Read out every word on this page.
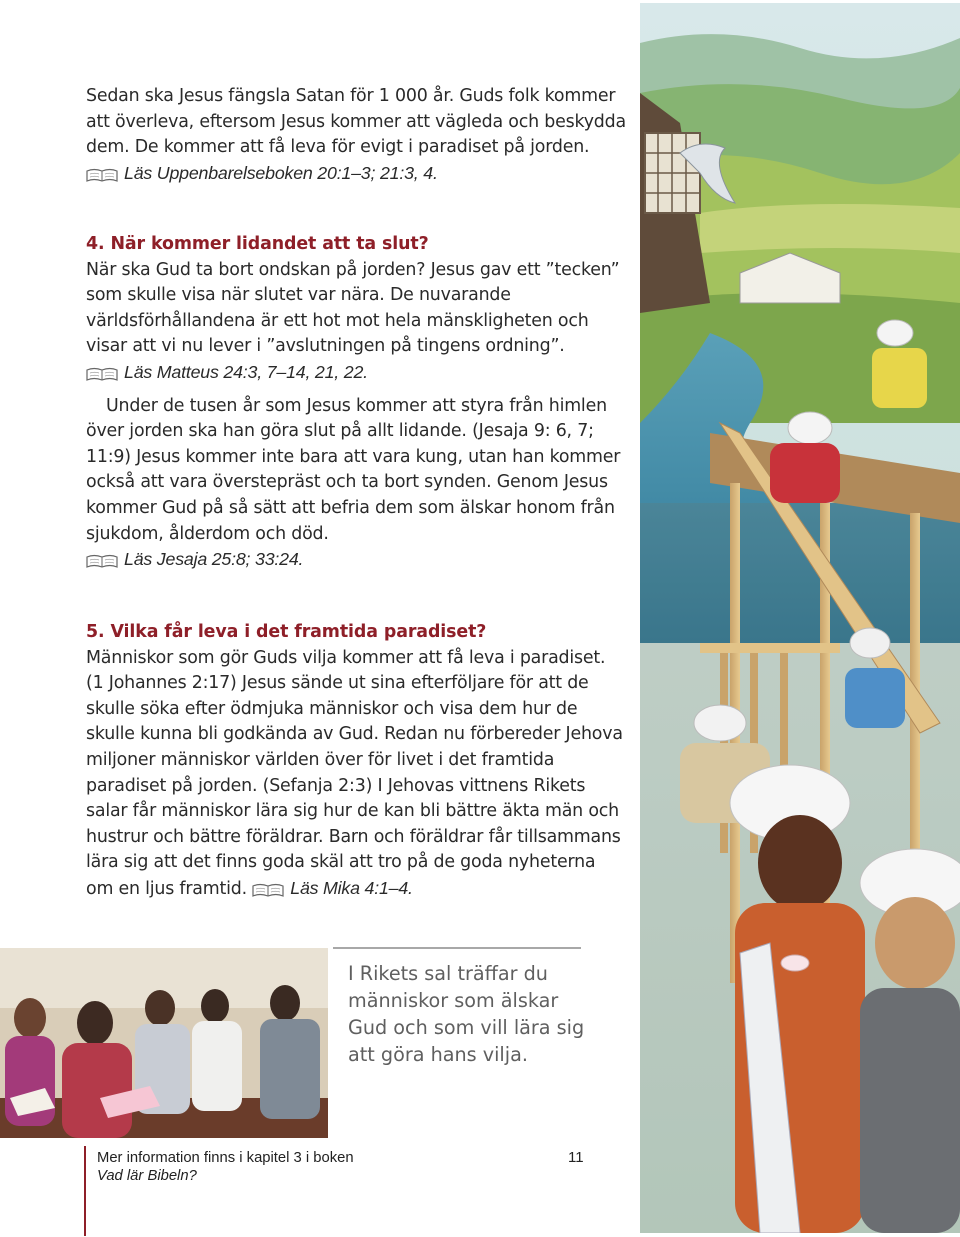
Sedan ska Jesus fängsla Satan för 1 000 år. Guds folk kommer att överleva, eftersom Jesus kommer att vägleda och beskydda dem. De kommer att få leva för evigt i paradiset på jorden. Läs Uppenbarelseboken 20:1–3; 21:3, 4.

4. När kommer lidandet att ta slut?

När ska Gud ta bort ondskan på jorden? Jesus gav ett ”tecken” som skulle visa när slutet var nära. De nuvarande världsförhållandena är ett hot mot hela mänskligheten och visar att vi nu lever i ”avslutningen på tingens ordning”.
Läs Matteus 24:3, 7–14, 21, 22.

Under de tusen år som Jesus kommer att styra från himlen över jorden ska han göra slut på allt lidande. (Jesaja 9: 6, 7; 11:9) Jesus kommer inte bara att vara kung, utan han kommer också att vara överstepräst och ta bort synden. Genom Jesus kommer Gud på så sätt att befria dem som älskar honom från sjukdom, ålderdom och död.
Läs Jesaja 25:8; 33:24.

5. Vilka får leva i det framtida paradiset?

Människor som gör Guds vilja kommer att få leva i paradiset. (1 Johannes 2:17) Jesus sände ut sina efterföljare för att de skulle söka efter ödmjuka människor och visa dem hur de skulle kunna bli godkända av Gud. Redan nu förbereder Jehova miljoner människor världen över för livet i det framtida paradiset på jorden. (Sefanja 2:3) I Jehovas vittnens Rikets salar får människor lära sig hur de kan bli bättre äkta män och hustrur och bättre föräldrar. Barn och föräldrar får tillsammans lära sig att det finns goda skäl att tro på de goda nyheterna om en ljus framtid. Läs Mika 4:1–4.

I Rikets sal träffar du människor som älskar Gud och som vill lära sig att göra hans vilja.
Mer information finns i kapitel 3 i boken
Vad lär Bibeln?
11
